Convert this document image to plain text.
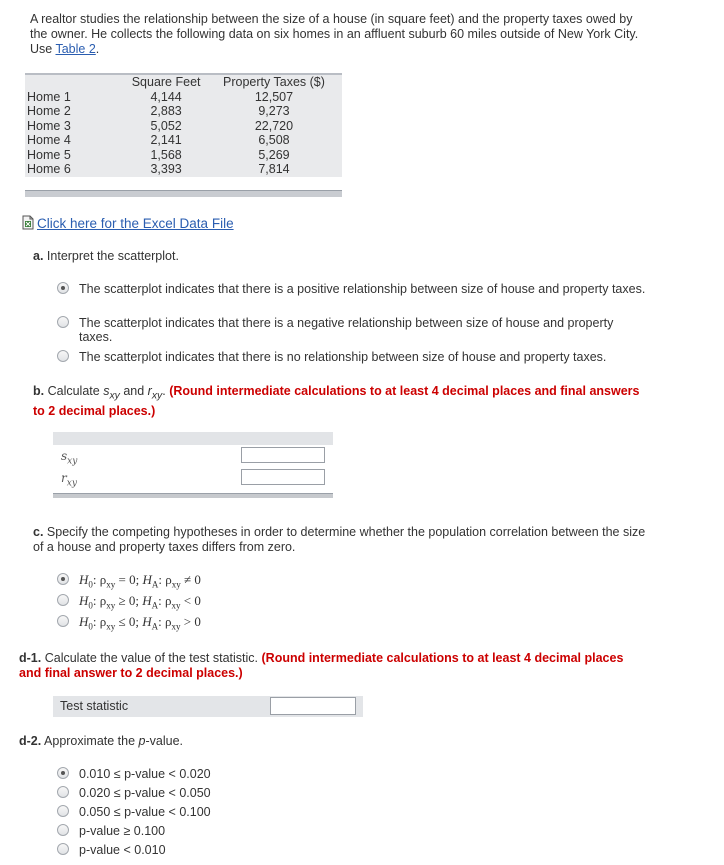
A realtor studies the relationship between the size of a house (in square feet) and the property taxes owed by the owner. He collects the following data on six homes in an affluent suburb 60 miles outside of New York City. Use Table 2.
	Square Feet	Property Taxes ($)
Home 1	4,144	12,507
Home 2	2,883	9,273
Home 3	5,052	22,720
Home 4	2,141	6,508
Home 5	1,568	5,269
Home 6	3,393	7,814
Click here for the Excel Data File
a. Interpret the scatterplot.
The scatterplot indicates that there is a positive relationship between size of house and property taxes.
The scatterplot indicates that there is a negative relationship between size of house and property taxes.
The scatterplot indicates that there is no relationship between size of house and property taxes.
b. Calculate $s_{xy}$ and $r_{xy}$. (Round intermediate calculations to at least 4 decimal places and final answers to 2 decimal places.)
$s_{xy}$
$r_{xy}$
c. Specify the competing hypotheses in order to determine whether the population correlation between the size of a house and property taxes differs from zero.
$H_0$: $\rho_{xy} = 0$; $H_A$: $\rho_{xy} \ne 0$
$H_0$: $\rho_{xy} \ge 0$; $H_A$: $\rho_{xy} < 0$
$H_0$: $\rho_{xy} \le 0$; $H_A$: $\rho_{xy} > 0$
d-1. Calculate the value of the test statistic. (Round intermediate calculations to at least 4 decimal places and final answer to 2 decimal places.)
Test statistic
d-2. Approximate the p-value.
0.010 ≤ p-value < 0.020
0.020 ≤ p-value < 0.050
0.050 ≤ p-value < 0.100
p-value ≥ 0.100
p-value < 0.010
